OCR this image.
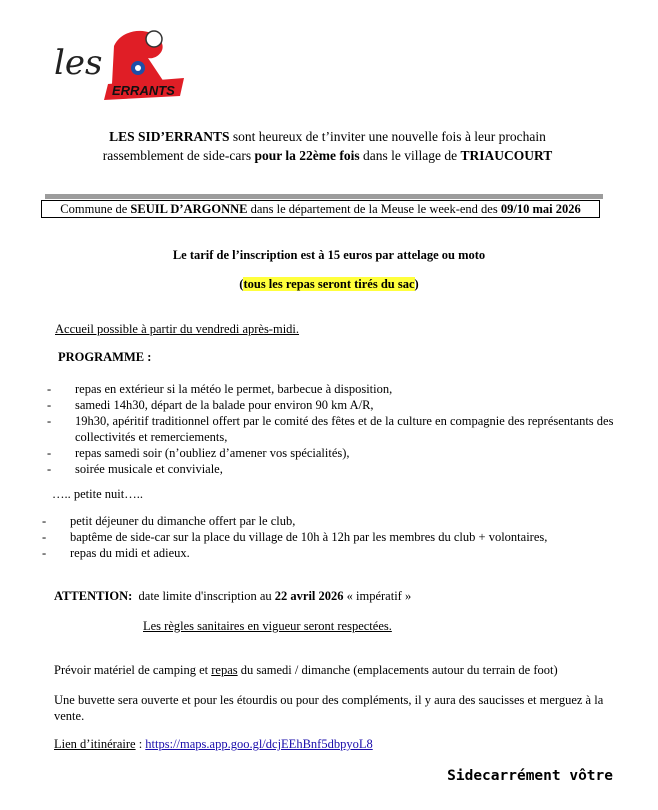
les
ERRANTS
LES SID’ERRANTS sont heureux de t’inviter une nouvelle fois à leur prochain
rassemblement de side-cars pour la 22ème fois dans le village de TRIAUCOURT
Commune de SEUIL D’ARGONNE dans le département de la Meuse le week-end des 09/10 mai 2026
Le tarif de l’inscription est à 15 euros par attelage ou moto
(tous les repas seront tirés du sac)
Accueil possible à partir du vendredi après-midi.
PROGRAMME :
- repas en extérieur si la météo le permet, barbecue à disposition,
- samedi 14h30, départ de la balade pour environ 90 km A/R,
- 19h30, apéritif traditionnel offert par le comité des fêtes et de la culture en compagnie des représentants des collectivités et remerciements,
- repas samedi soir (n’oubliez d’amener vos spécialités),
- soirée musicale et conviviale,
….. petite nuit…..
- petit déjeuner du dimanche offert par le club,
- baptême de side-car sur la place du village de 10h à 12h par les membres du club + volontaires,
- repas du midi et adieux.
ATTENTION:  date limite d'inscription au 22 avril 2026 « impératif »
Les règles sanitaires en vigueur seront respectées.
Prévoir matériel de camping et repas du samedi / dimanche (emplacements autour du terrain de foot)
Une buvette sera ouverte et pour les étourdis ou pour des compléments, il y aura des saucisses et merguez à la vente.
Lien d’itinéraire : https://maps.app.goo.gl/dcjEEhBnf5dbpyoL8
Sidecarrément vôtre
